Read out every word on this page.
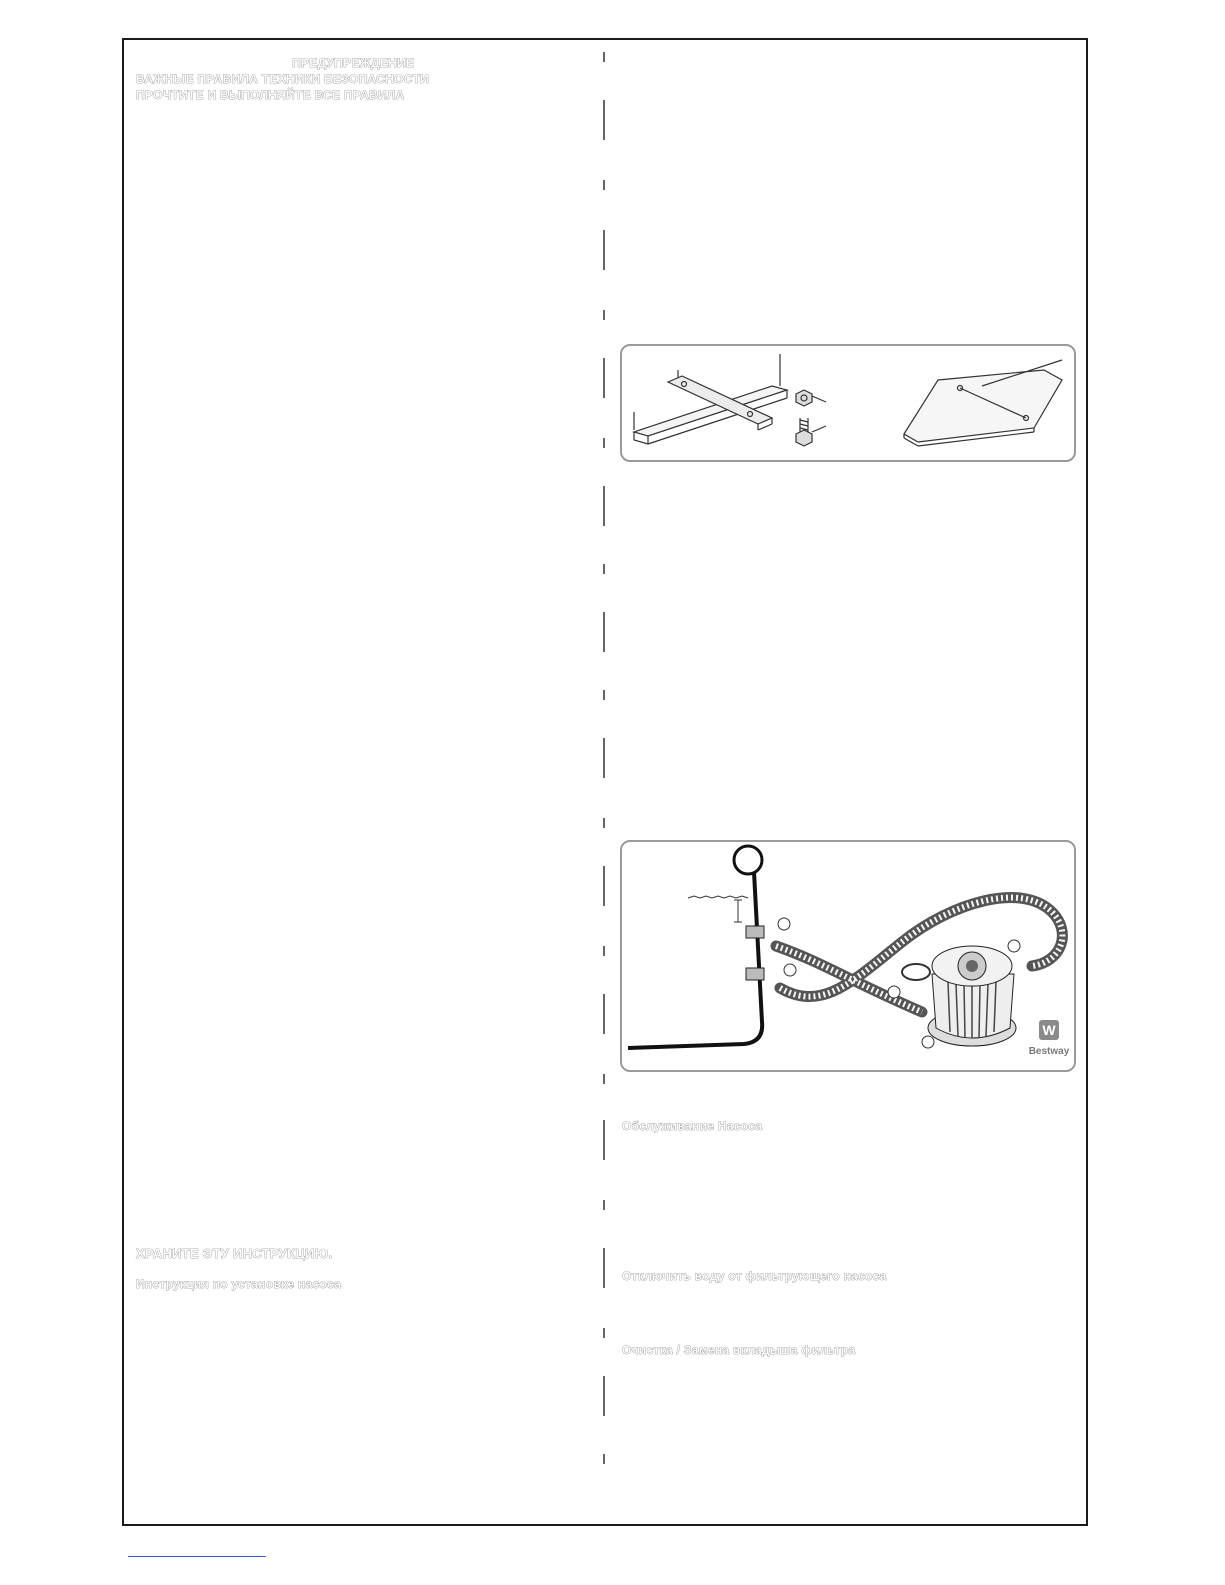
ПРЕДУПРЕЖДЕНИЕ
ВАЖНЫЕ ПРАВИЛА ТЕХНИКИ БЕЗОПАСНОСТИ
ПРОЧТИТЕ И ВЫПОЛНЯЙТЕ ВСЕ ПРАВИЛА
ХРАНИТЕ ЭТУ ИНСТРУКЦИЮ.
Инструкция по установке насоса
Обслуживание Насоса
Отключить воду от фильтрующего насоса
Очистка / Замена вкладыша фильтра
W
Bestway
